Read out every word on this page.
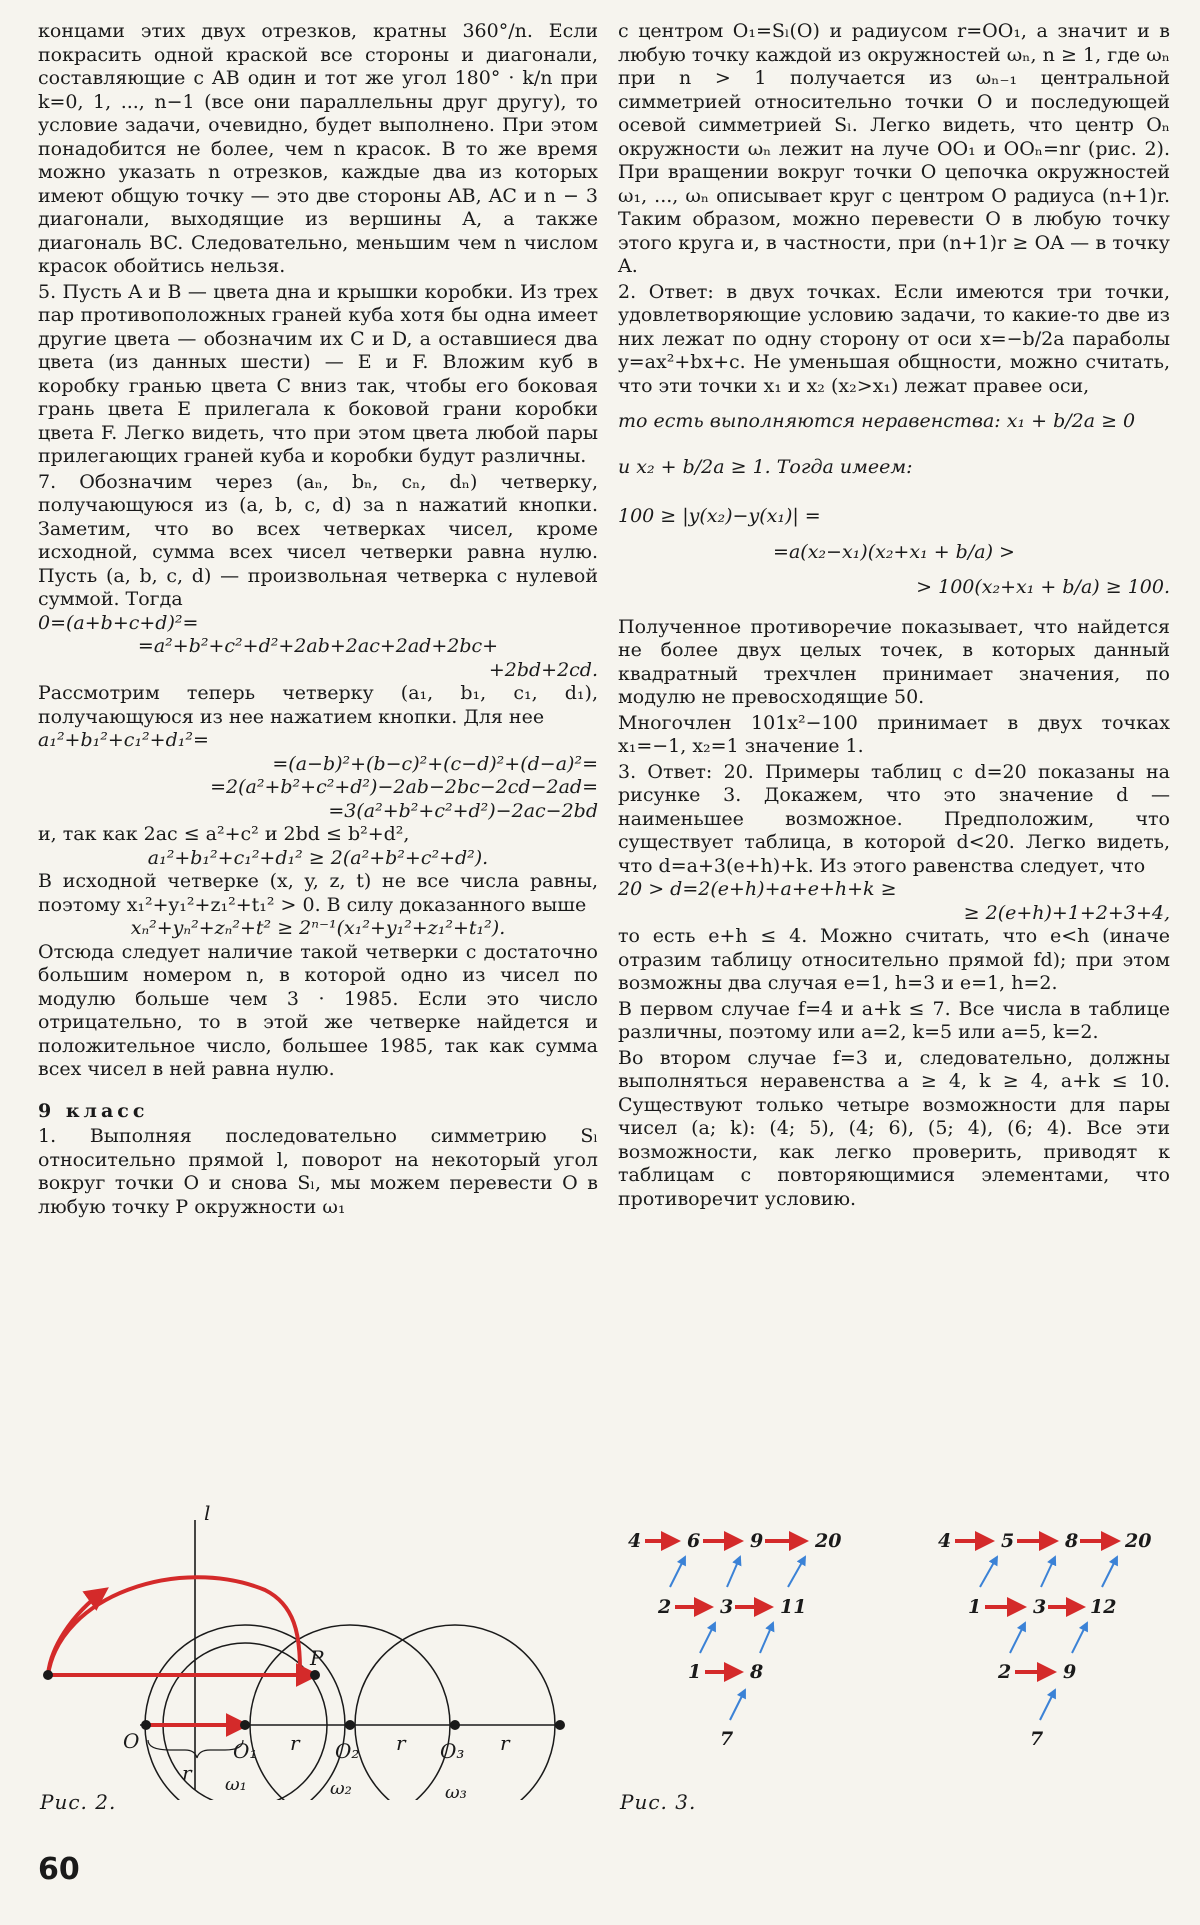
концами этих двух отрезков, кратны 360°/n. Если покрасить одной краской все стороны и диагонали, составляющие с AB один и тот же угол 180° · k/n при k=0, 1, ..., n−1 (все они параллельны друг другу), то условие задачи, очевидно, будет выполнено. При этом понадобится не более, чем n красок. В то же время можно указать n отрезков, каждые два из которых имеют общую точку — это две стороны AB, AC и n − 3 диагонали, выходящие из вершины A, а также диагональ BC. Следовательно, меньшим чем n числом красок обойтись нельзя.

5. Пусть A и B — цвета дна и крышки коробки. Из трех пар противоположных граней куба хотя бы одна имеет другие цвета — обозначим их C и D, а оставшиеся два цвета (из данных шести) — E и F. Вложим куб в коробку гранью цвета C вниз так, чтобы его боковая грань цвета E прилегала к боковой грани коробки цвета F. Легко видеть, что при этом цвета любой пары прилегающих граней куба и коробки будут различны.

7. Обозначим через (aₙ, bₙ, cₙ, dₙ) четверку, получающуюся из (a, b, c, d) за n нажатий кнопки. Заметим, что во всех четверках чисел, кроме исходной, сумма всех чисел четверки равна нулю. Пусть (a, b, c, d) — произвольная четверка с нулевой суммой. Тогда

0=(a+b+c+d)²=
=a²+b²+c²+d²+2ab+2ac+2ad+2bc+
+2bd+2cd.

Рассмотрим теперь четверку (a₁, b₁, c₁, d₁), получающуюся из нее нажатием кнопки. Для нее

a₁²+b₁²+c₁²+d₁²=
=(a−b)²+(b−c)²+(c−d)²+(d−a)²=
=2(a²+b²+c²+d²)−2ab−2bc−2cd−2ad=
=3(a²+b²+c²+d²)−2ac−2bd

и, так как 2ac ≤ a²+c² и 2bd ≤ b²+d²,

a₁²+b₁²+c₁²+d₁² ≥ 2(a²+b²+c²+d²).

В исходной четверке (x, y, z, t) не все числа равны, поэтому x₁²+y₁²+z₁²+t₁² > 0. В силу доказанного выше

xₙ²+yₙ²+zₙ²+t² ≥ 2ⁿ⁻¹(x₁²+y₁²+z₁²+t₁²).

Отсюда следует наличие такой четверки с достаточно большим номером n, в которой одно из чисел по модулю больше чем 3 · 1985. Если это число отрицательно, то в этой же четверке найдется и положительное число, большее 1985, так как сумма всех чисел в ней равна нулю.

9 класс

1. Выполняя последовательно симметрию Sₗ относительно прямой l, поворот на некоторый угол вокруг точки O и снова Sₗ, мы можем перевести O в любую точку P окружности ω₁

с центром O₁=Sₗ(O) и радиусом r=OO₁, а значит и в любую точку каждой из окружностей ωₙ, n ≥ 1, где ωₙ при n > 1 получается из ωₙ₋₁ центральной симметрией относительно точки O и последующей осевой симметрией Sₗ. Легко видеть, что центр Oₙ окружности ωₙ лежит на луче OO₁ и OOₙ=nr (рис. 2). При вращении вокруг точки O цепочка окружностей ω₁, ..., ωₙ описывает круг с центром O радиуса (n+1)r. Таким образом, можно перевести O в любую точку этого круга и, в частности, при (n+1)r ≥ OA — в точку A.

2. Ответ: в двух точках. Если имеются три точки, удовлетворяющие условию задачи, то какие-то две из них лежат по одну сторону от оси x=−b/2a параболы y=ax²+bx+c. Не уменьшая общности, можно считать, что эти точки x₁ и x₂ (x₂>x₁) лежат правее оси,

то есть выполняются неравенства: x₁ + b/2a ≥ 0
и x₂ + b/2a ≥ 1. Тогда имеем:
100 ≥ |y(x₂)−y(x₁)| =
=a(x₂−x₁)(x₂+x₁ + b/a) >
> 100(x₂+x₁ + b/a) ≥ 100.

Полученное противоречие показывает, что найдется не более двух целых точек, в которых данный квадратный трехчлен принимает значения, по модулю не превосходящие 50.

Многочлен 101x²−100 принимает в двух точках x₁=−1, x₂=1 значение 1.

3. Ответ: 20. Примеры таблиц с d=20 показаны на рисунке 3. Докажем, что это значение d — наименьшее возможное. Предположим, что существует таблица, в которой d<20. Легко видеть, что d=a+3(e+h)+k. Из этого равенства следует, что

20 > d=2(e+h)+a+e+h+k ≥
≥ 2(e+h)+1+2+3+4,

то есть e+h ≤ 4. Можно считать, что e<h (иначе отразим таблицу относительно прямой fd); при этом возможны два случая e=1, h=3 и e=1, h=2.

В первом случае f=4 и a+k ≤ 7. Все числа в таблице различны, поэтому или a=2, k=5 или a=5, k=2.

Во втором случае f=3 и, следовательно, должны выполняться неравенства a ≥ 4, k ≥ 4, a+k ≤ 10. Существуют только четыре возможности для пары чисел (a; k): (4; 5), (4; 6), (5; 4), (6; 4). Все эти возможности, как легко проверить, приводят к таблицам с повторяющимися элементами, что противоречит условию.

l
P
O	O₁	O₂	O₃
r
r	r	r
ω₁	ω₂	ω₃
Рис. 2.
4 6	9	20
2	3 11
1	8
7
4	5	8 20
1	3 12
2	9
7
Рис. 3.
60
